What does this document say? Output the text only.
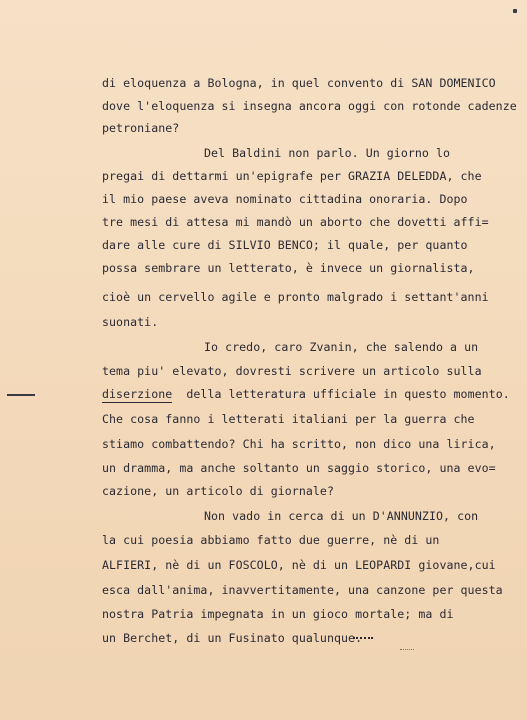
di eloquenza a Bologna, in quel convento di SAN DOMENICO
dove l'eloquenza si insegna ancora oggi con rotonde cadenze
petroniane?
Del Baldini non parlo. Un giorno lo
pregai di dettarmi un'epigrafe per GRAZIA DELEDDA, che
il mio paese aveva nominato cittadina onoraria. Dopo
tre mesi di attesa mi mandò un aborto che dovetti affi=
dare alle cure di SILVIO BENCO; il quale, per quanto
possa sembrare un letterato, è invece un giornalista,
cioè un cervello agile e pronto malgrado i settant'anni
suonati.
Io credo, caro Zvanin, che salendo a un
tema piu' elevato, dovresti scrivere un articolo sulla
diserzione  della letteratura ufficiale in questo momento.
Che cosa fanno i letterati italiani per la guerra che
stiamo combattendo? Chi ha scritto, non dico una lirica,
un dramma, ma anche soltanto un saggio storico, una evo=
cazione, un articolo di giornale?
Non vado in cerca di un D'ANNUNZIO, con
la cui poesia abbiamo fatto due guerre, nè di un
ALFIERI, nè di un FOSCOLO, nè di un LEOPARDI giovane,cui
esca dall'anima, inavvertitamente, una canzone per questa
nostra Patria impegnata in un gioco mortale; ma di
un Berchet, di un Fusinato qualunque.
